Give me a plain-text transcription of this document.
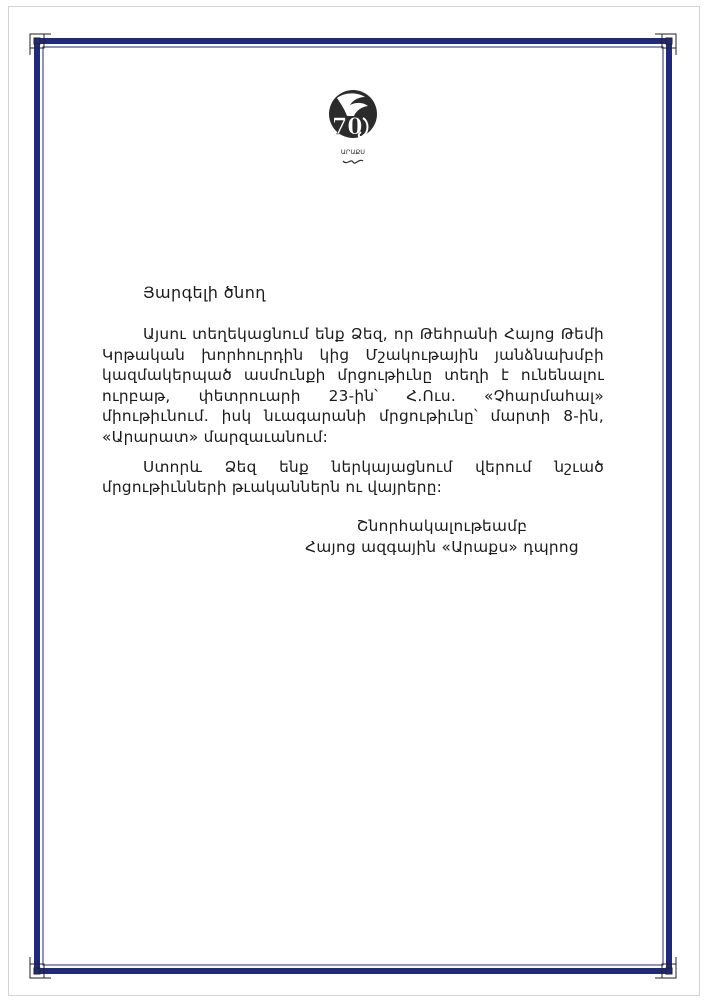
70
ԱՐԱՔՍ

Յարգելի ծնող

Այսու տեղեկացնում ենք Ձեզ, որ Թեհրանի Հայոց Թեմի Կրթական խորհուրդին կից Մշակութային յանձնախմբի կազմակերպած ասմունքի մրցութիւնը տեղի է ունենալու ուրբաթ, փետրուարի 23-ին՝ Հ.Ուս. «Չհարմահալ» միութիւնում. իսկ նւագարանի մրցութիւնը՝ մարտի 8-ին, «Արարատ» մարզաւանում:

Ստորև Ձեզ ենք ներկայացնում վերում նշւած մրցութիւնների թւականներն ու վայրերը:

Շնորհակալութեամբ
Հայոց ազգային «Արաքս» դպրոց
